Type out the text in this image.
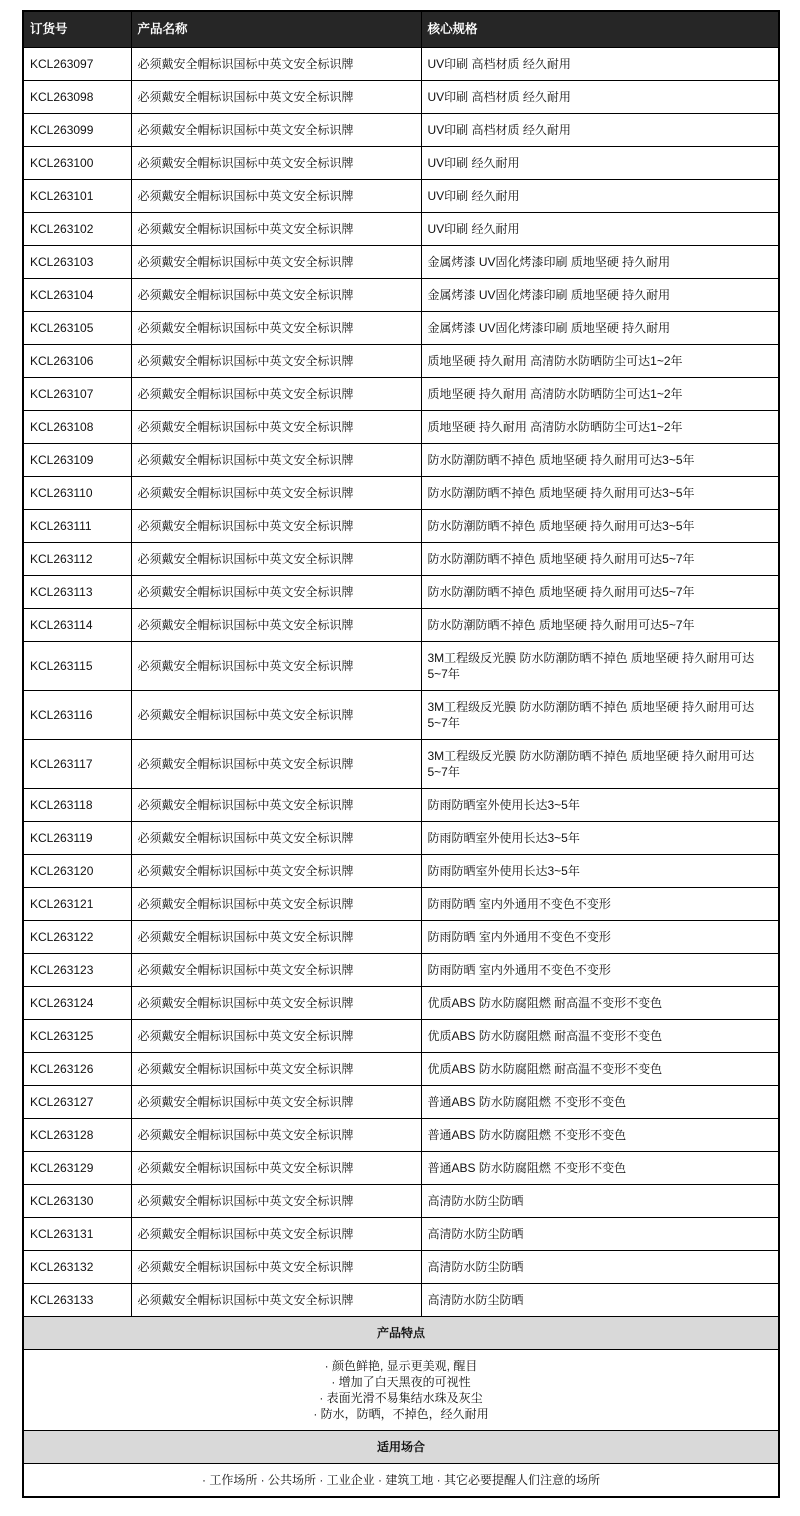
订货号	产品名称	核心规格
KCL263097	必须戴安全帽标识国标中英文安全标识牌	UV印刷 高档材质 经久耐用
KCL263098	必须戴安全帽标识国标中英文安全标识牌	UV印刷 高档材质 经久耐用
KCL263099	必须戴安全帽标识国标中英文安全标识牌	UV印刷 高档材质 经久耐用
KCL263100	必须戴安全帽标识国标中英文安全标识牌	UV印刷 经久耐用
KCL263101	必须戴安全帽标识国标中英文安全标识牌	UV印刷 经久耐用
KCL263102	必须戴安全帽标识国标中英文安全标识牌	UV印刷 经久耐用
KCL263103	必须戴安全帽标识国标中英文安全标识牌	金属烤漆 UV固化烤漆印刷 质地坚硬 持久耐用
KCL263104	必须戴安全帽标识国标中英文安全标识牌	金属烤漆 UV固化烤漆印刷 质地坚硬 持久耐用
KCL263105	必须戴安全帽标识国标中英文安全标识牌	金属烤漆 UV固化烤漆印刷 质地坚硬 持久耐用
KCL263106	必须戴安全帽标识国标中英文安全标识牌	质地坚硬 持久耐用 高清防水防晒防尘可达1~2年
KCL263107	必须戴安全帽标识国标中英文安全标识牌	质地坚硬 持久耐用 高清防水防晒防尘可达1~2年
KCL263108	必须戴安全帽标识国标中英文安全标识牌	质地坚硬 持久耐用 高清防水防晒防尘可达1~2年
KCL263109	必须戴安全帽标识国标中英文安全标识牌	防水防潮防晒不掉色 质地坚硬 持久耐用可达3~5年
KCL263110	必须戴安全帽标识国标中英文安全标识牌	防水防潮防晒不掉色 质地坚硬 持久耐用可达3~5年
KCL263111	必须戴安全帽标识国标中英文安全标识牌	防水防潮防晒不掉色 质地坚硬 持久耐用可达3~5年
KCL263112	必须戴安全帽标识国标中英文安全标识牌	防水防潮防晒不掉色 质地坚硬 持久耐用可达5~7年
KCL263113	必须戴安全帽标识国标中英文安全标识牌	防水防潮防晒不掉色 质地坚硬 持久耐用可达5~7年
KCL263114	必须戴安全帽标识国标中英文安全标识牌	防水防潮防晒不掉色 质地坚硬 持久耐用可达5~7年
KCL263115	必须戴安全帽标识国标中英文安全标识牌	3M工程级反光膜 防水防潮防晒不掉色 质地坚硬 持久耐用可达5~7年
KCL263116	必须戴安全帽标识国标中英文安全标识牌	3M工程级反光膜 防水防潮防晒不掉色 质地坚硬 持久耐用可达5~7年
KCL263117	必须戴安全帽标识国标中英文安全标识牌	3M工程级反光膜 防水防潮防晒不掉色 质地坚硬 持久耐用可达5~7年
KCL263118	必须戴安全帽标识国标中英文安全标识牌	防雨防晒室外使用长达3~5年
KCL263119	必须戴安全帽标识国标中英文安全标识牌	防雨防晒室外使用长达3~5年
KCL263120	必须戴安全帽标识国标中英文安全标识牌	防雨防晒室外使用长达3~5年
KCL263121	必须戴安全帽标识国标中英文安全标识牌	防雨防晒 室内外通用不变色不变形
KCL263122	必须戴安全帽标识国标中英文安全标识牌	防雨防晒 室内外通用不变色不变形
KCL263123	必须戴安全帽标识国标中英文安全标识牌	防雨防晒 室内外通用不变色不变形
KCL263124	必须戴安全帽标识国标中英文安全标识牌	优质ABS 防水防腐阻燃 耐高温不变形不变色
KCL263125	必须戴安全帽标识国标中英文安全标识牌	优质ABS 防水防腐阻燃 耐高温不变形不变色
KCL263126	必须戴安全帽标识国标中英文安全标识牌	优质ABS 防水防腐阻燃 耐高温不变形不变色
KCL263127	必须戴安全帽标识国标中英文安全标识牌	普通ABS 防水防腐阻燃 不变形不变色
KCL263128	必须戴安全帽标识国标中英文安全标识牌	普通ABS 防水防腐阻燃 不变形不变色
KCL263129	必须戴安全帽标识国标中英文安全标识牌	普通ABS 防水防腐阻燃 不变形不变色
KCL263130	必须戴安全帽标识国标中英文安全标识牌	高清防水防尘防晒
KCL263131	必须戴安全帽标识国标中英文安全标识牌	高清防水防尘防晒
KCL263132	必须戴安全帽标识国标中英文安全标识牌	高清防水防尘防晒
KCL263133	必须戴安全帽标识国标中英文安全标识牌	高清防水防尘防晒
产品特点		

· 颜色鲜艳, 显示更美观, 醒目
· 增加了白天黑夜的可视性
· 表面光滑不易集结水珠及灰尘
· 防水，防晒，不掉色，经久耐用		

适用场合		
· 工作场所 · 公共场所 · 工业企业 · 建筑工地 · 其它必要提醒人们注意的场所		
